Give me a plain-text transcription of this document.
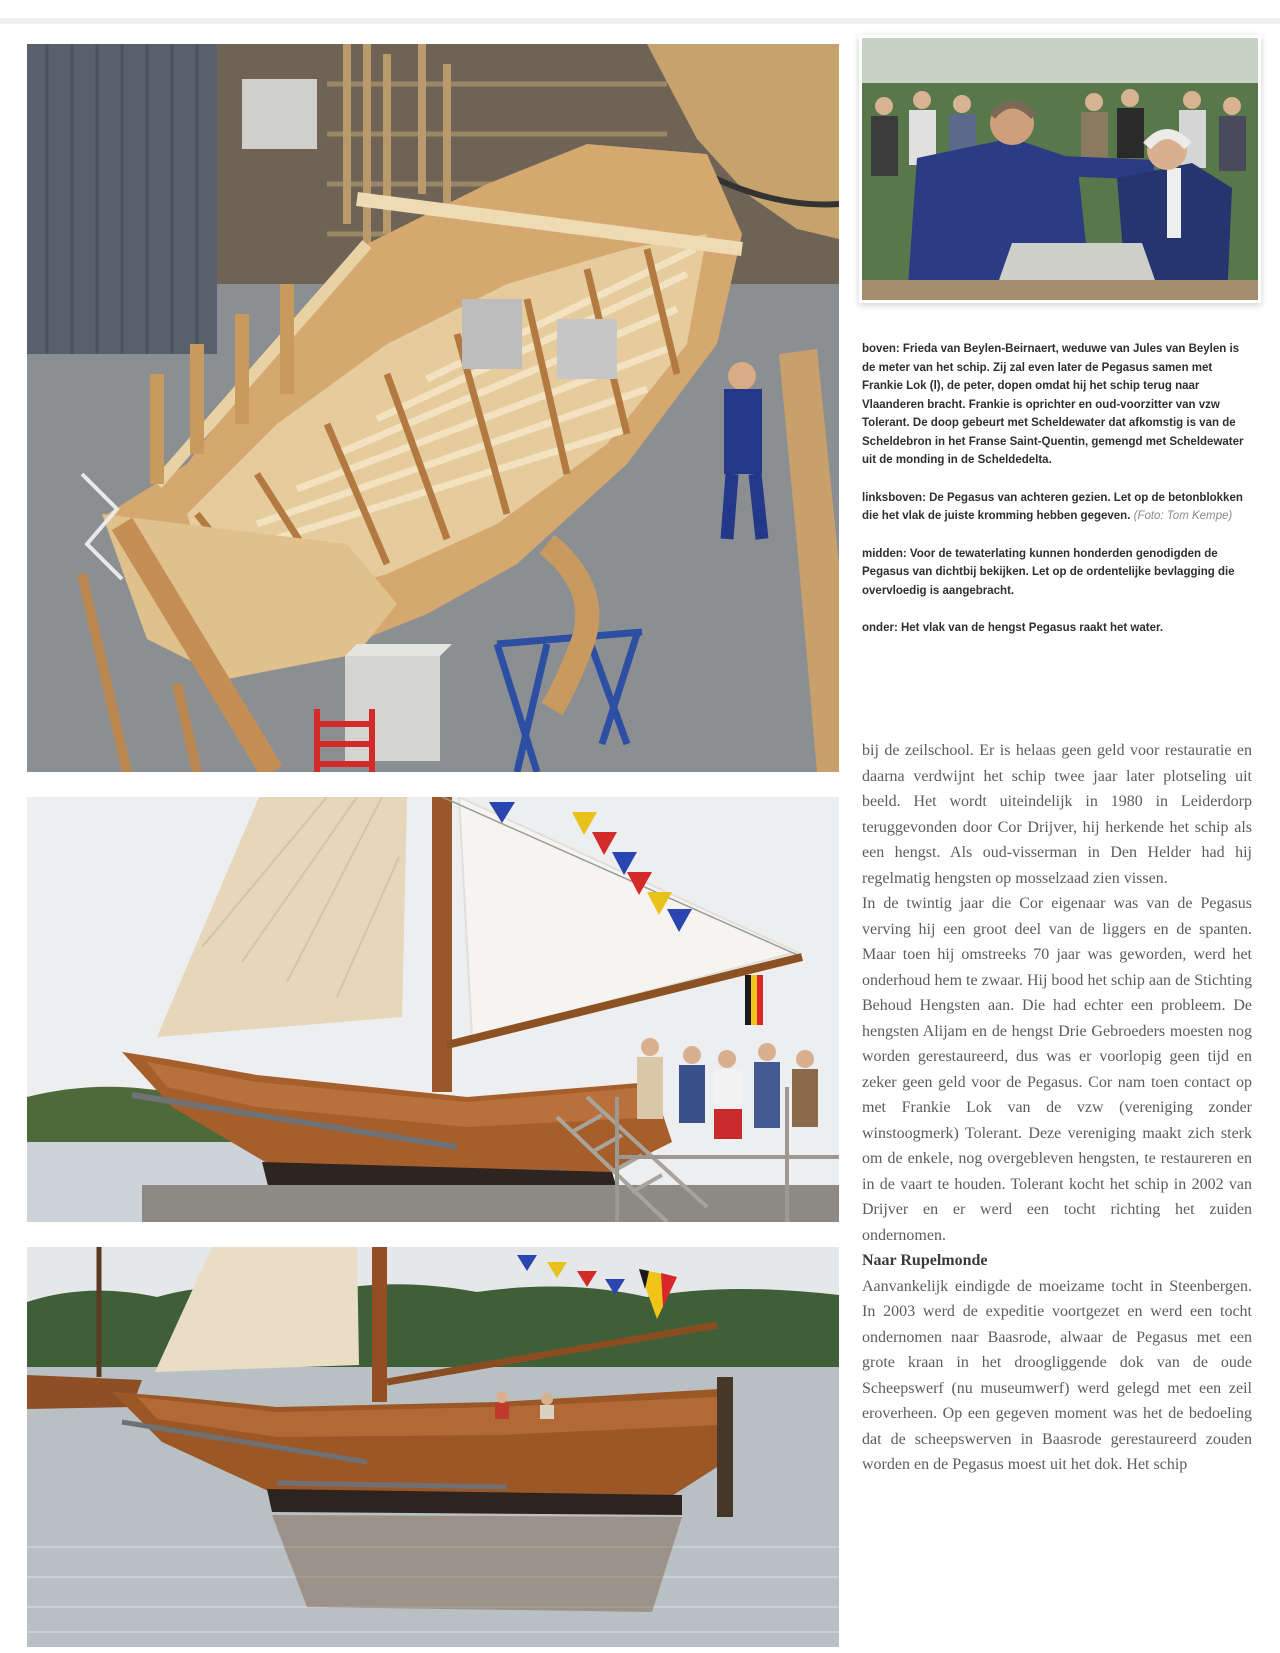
boven: Frieda van Beylen-Beirnaert, weduwe van Jules van Beylen is de meter van het schip. Zij zal even later de Pegasus samen met Frankie Lok (l), de peter, dopen omdat hij het schip terug naar Vlaanderen bracht. Frankie is oprichter en oud-voorzitter van vzw Tolerant. De doop gebeurt met Scheldewater dat afkomstig is van de Scheldebron in het Franse Saint-Quentin, gemengd met Scheldewater uit de monding in de Scheldedelta.

linksboven: De Pegasus van achteren gezien. Let op de betonblokken die het vlak de juiste kromming hebben gegeven. (Foto: Tom Kempe)

midden: Voor de tewaterlating kunnen honderden genodigden de Pegasus van dichtbij bekijken. Let op de ordentelijke bevlagging die overvloedig is aangebracht.

onder: Het vlak van de hengst Pegasus raakt het water.

bij de zeilschool. Er is helaas geen geld voor restauratie en daarna verdwijnt het schip twee jaar later plotseling uit beeld. Het wordt uiteindelijk in 1980 in Leiderdorp teruggevonden door Cor Drijver, hij herkende het schip als een hengst. Als oud-visserman in Den Helder had hij regelmatig hengsten op mosselzaad zien vissen.

In de twintig jaar die Cor eigenaar was van de Pegasus verving hij een groot deel van de liggers en de spanten. Maar toen hij omstreeks 70 jaar was geworden, werd het onderhoud hem te zwaar. Hij bood het schip aan de Stichting Behoud Hengsten aan. Die had echter een probleem. De hengsten Alijam en de hengst Drie Gebroeders moesten nog worden gerestaureerd, dus was er voorlopig geen tijd en zeker geen geld voor de Pegasus. Cor nam toen contact op met Frankie Lok van de vzw (vereniging zonder winstoogmerk) Tolerant. Deze vereniging maakt zich sterk om de enkele, nog overgebleven hengsten, te restaureren en in de vaart te houden. Tolerant kocht het schip in 2002 van Drijver en er werd een tocht richting het zuiden ondernomen.

Naar Rupelmonde

Aanvankelijk eindigde de moeizame tocht in Steenbergen. In 2003 werd de expeditie voortgezet en werd een tocht ondernomen naar Baasrode, alwaar de Pegasus met een grote kraan in het droogliggende dok van de oude Scheepswerf (nu museumwerf) werd gelegd met een zeil eroverheen. Op een gegeven moment was het de bedoeling dat de scheepswerven in Baasrode gerestaureerd zouden worden en de Pegasus moest uit het dok. Het schip
